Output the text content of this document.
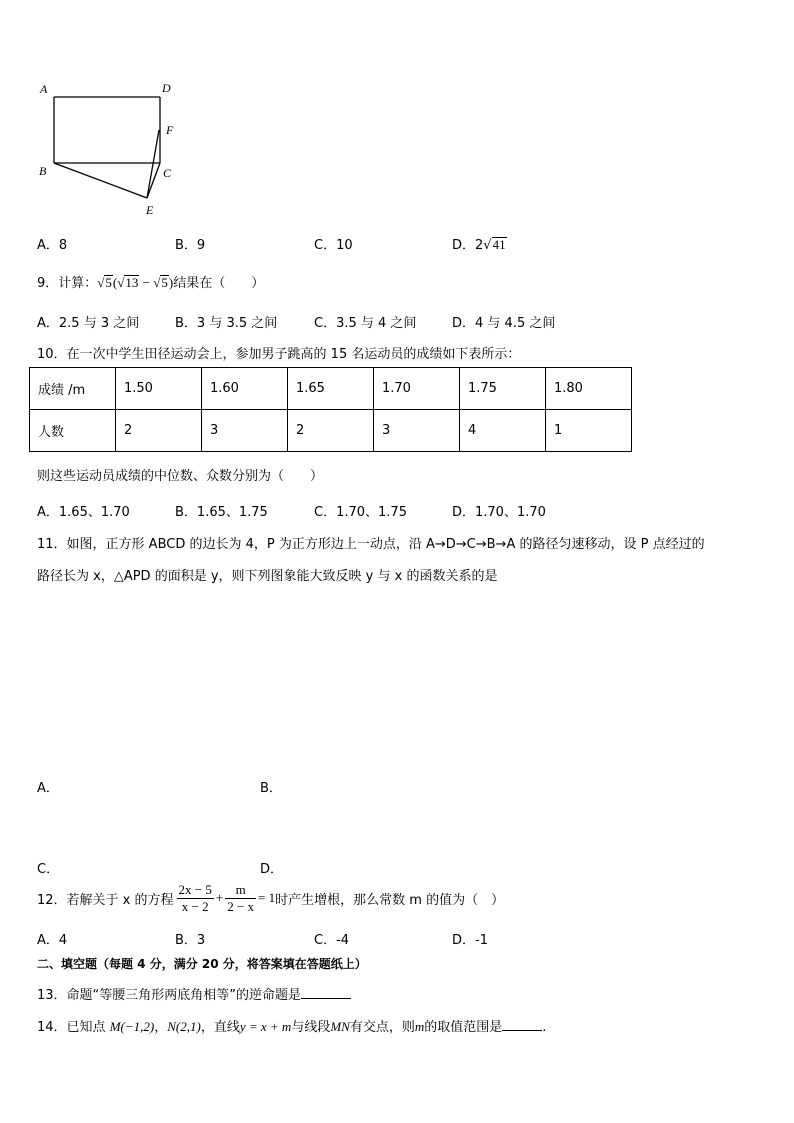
A	D
F
B	C
E
A．8	B．9	C．10	D．2√41
9．计算：√5(√13 − √5)结果在（　　）
A．2.5 与 3 之间	B．3 与 3.5 之间	C．3.5 与 4 之间	D．4 与 4.5 之间
10．在一次中学生田径运动会上，参加男子跳高的 15 名运动员的成绩如下表所示：
成绩 /m	1.50	1.60	1.65	1.70	1.75	1.80
人数	2	3	2	3	4	1
则这些运动员成绩的中位数、众数分别为（　　）
A．1.65、1.70	B．1.65、1.75	C．1.70、1.75	D．1.70、1.70
11．如图，正方形 ABCD 的边长为 4，P 为正方形边上一动点，沿 A→D→C→B→A 的路径匀速移动，设 P 点经过的
路径长为 x，△APD 的面积是 y，则下列图象能大致反映 y 与 x 的函数关系的是
A．	B．
C．	D．
12．若解关于 x 的方程 $\frac{2x - 5}{x - 2} + \frac{m}{2 - x} = 1$ 时产生增根，那么常数 m 的值为（　）
A．4	B．3	C．-4	D．-1
二、填空题（每题 4 分，满分 20 分，将答案填在答题纸上）
13．命题“等腰三角形两底角相等”的逆命题是
14．已知点 M(−1,2)，N(2,1)，直线y = x + m与线段MN有交点，则m的取值范围是	.
